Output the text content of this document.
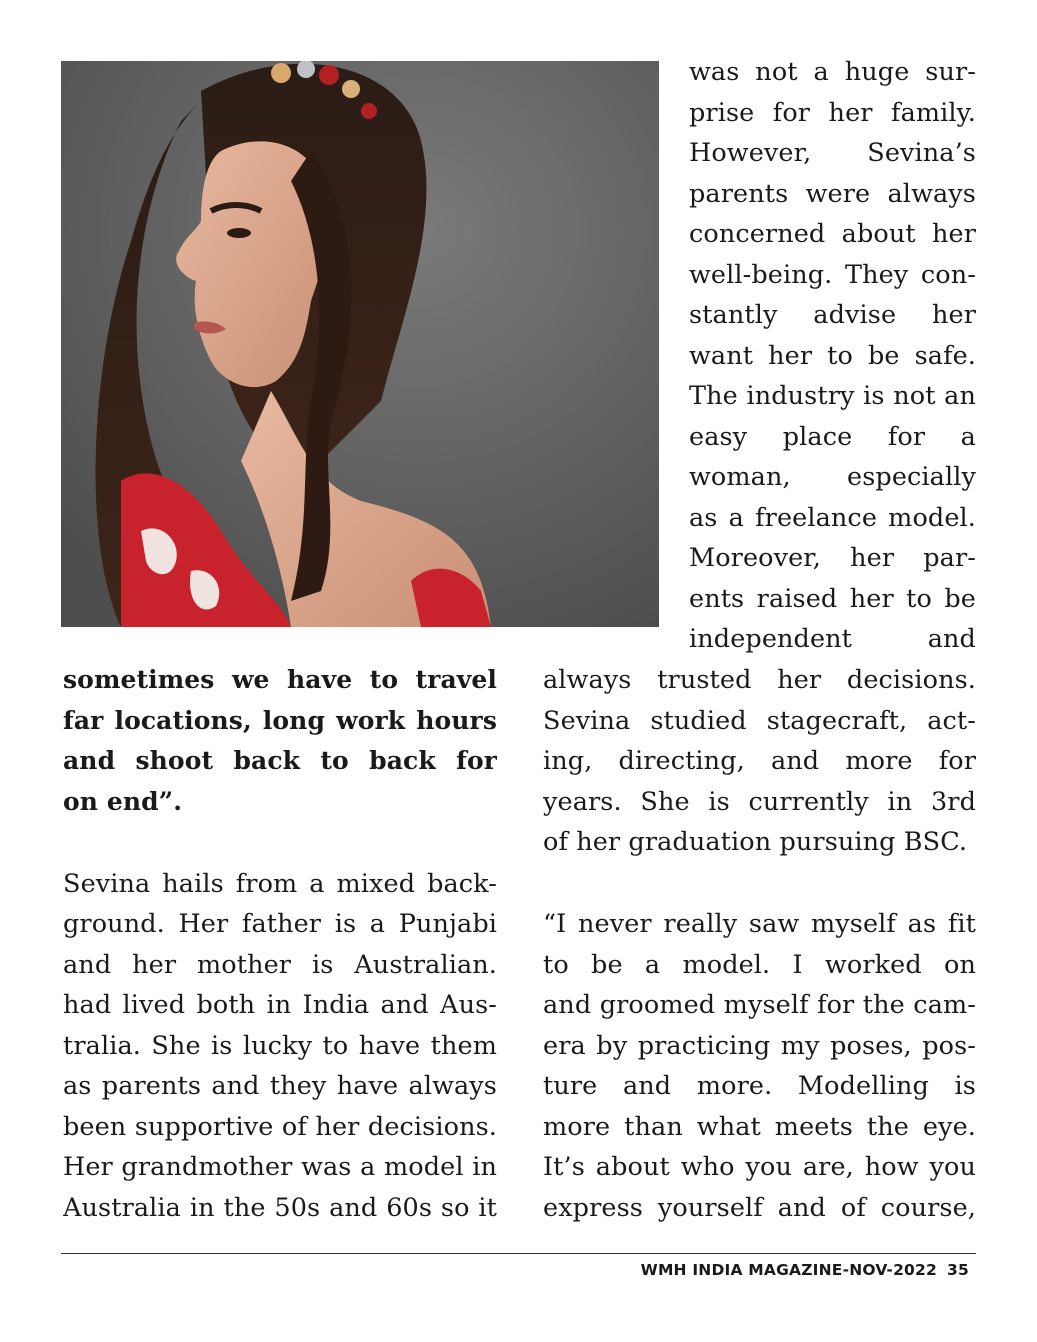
was not a huge sur-
prise for her family.
However, Sevina’s
parents were always
concerned about her
well-being. They con-
stantly advise her
want her to be safe.
The industry is not an
easy place for a
woman, especially
as a freelance model.
Moreover, her par-
ents raised her to be
independent and
sometimes we have to travel
far locations, long work hours
and shoot back to back for
on end”.
Sevina hails from a mixed back-
ground. Her father is a Punjabi
and her mother is Australian.
had lived both in India and Aus-
tralia. She is lucky to have them
as parents and they have always
been supportive of her decisions.
Her grandmother was a model in
Australia in the 50s and 60s so it
always trusted her decisions.
Sevina studied stagecraft, act-
ing, directing, and more for
years. She is currently in 3rd
of her graduation pursuing BSC.
“I never really saw myself as fit
to be a model. I worked on
and groomed myself for the cam-
era by practicing my poses, pos-
ture and more. Modelling is
more than what meets the eye.
It’s about who you are, how you
express yourself and of course,
WMH INDIA MAGAZINE-NOV-2022 35
